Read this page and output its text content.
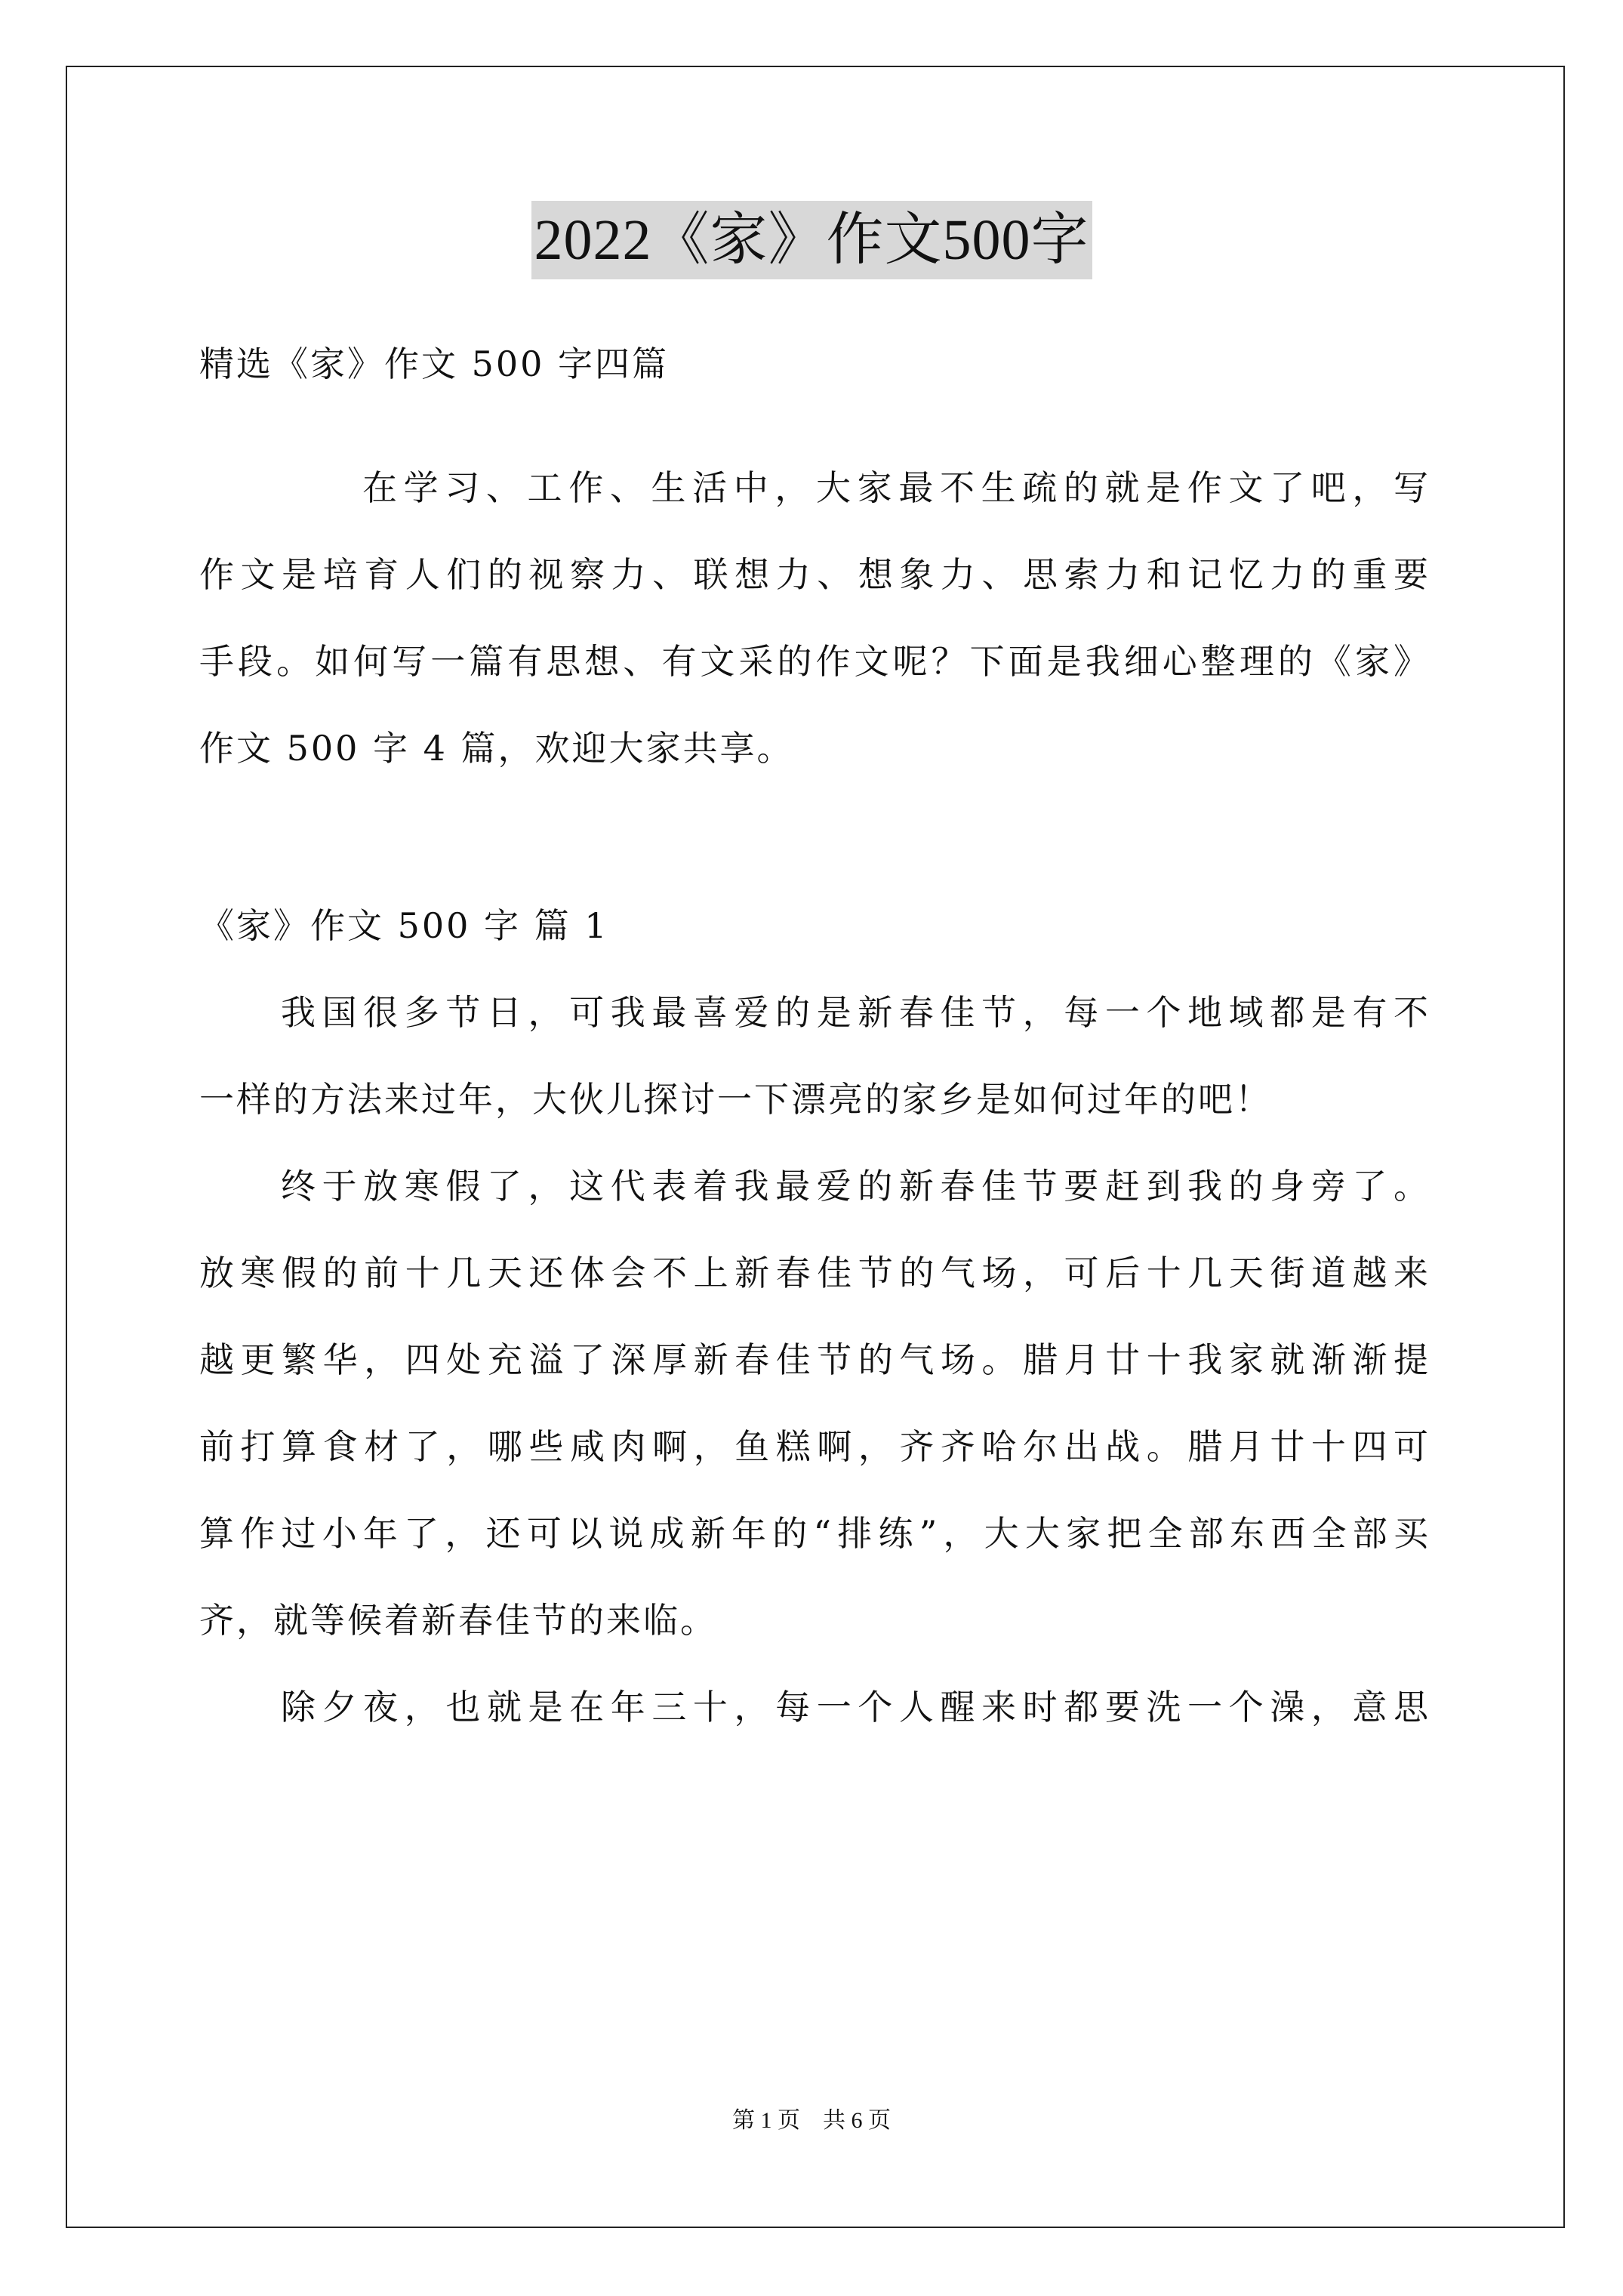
2022《家》作文500字
精选《家》作文 500 字四篇
在学习、工作、生活中，大家最不生疏的就是作文了吧，写
作文是培育人们的视察力、联想力、想象力、思索力和记忆力的重要
手段。如何写一篇有思想、有文采的作文呢？下面是我细心整理的《家》
作文 500 字 4 篇，欢迎大家共享。
《家》作文 500 字 篇 1
我国很多节日，可我最喜爱的是新春佳节，每一个地域都是有不
一样的方法来过年，大伙儿探讨一下漂亮的家乡是如何过年的吧！
终于放寒假了，这代表着我最爱的新春佳节要赶到我的身旁了。
放寒假的前十几天还体会不上新春佳节的气场，可后十几天街道越来
越更繁华，四处充溢了深厚新春佳节的气场。腊月廿十我家就渐渐提
前打算食材了，哪些咸肉啊，鱼糕啊，齐齐哈尔出战。腊月廿十四可
算作过小年了，还可以说成新年的“排练”，大大家把全部东西全部买
齐，就等候着新春佳节的来临。
除夕夜，也就是在年三十，每一个人醒来时都要洗一个澡，意思
第 1 页    共 6 页
